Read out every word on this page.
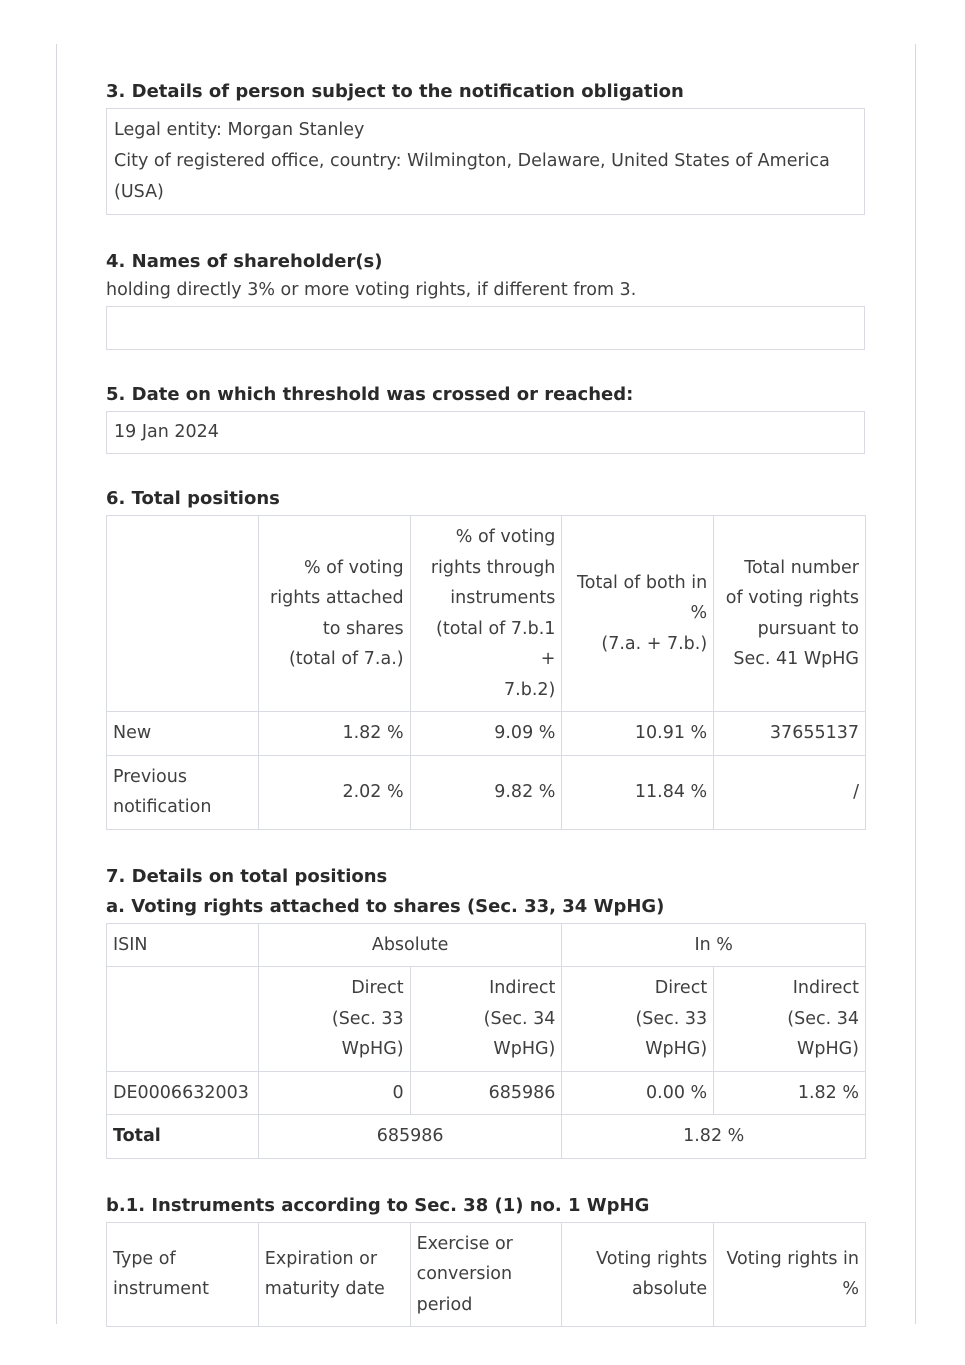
3. Details of person subject to the notification obligation
Legal entity: Morgan Stanley
City of registered office, country: Wilmington, Delaware, United States of America
(USA)
4. Names of shareholder(s)

holding directly 3% or more voting rights, if different from 3.

5. Date on which threshold was crossed or reached:
19 Jan 2024
6. Total positions
	% of voting
rights attached
to shares
(total of 7.a.)	% of voting
rights through
instruments
(total of 7.b.1 +
7.b.2)	Total of both in
%
(7.a. + 7.b.)	Total number
of voting rights
pursuant to
Sec. 41 WpHG
New	1.82 %	9.09 %	10.91 %	37655137
Previous
notification	2.02 %	9.82 %	11.84 %	/
7. Details on total positions
a. Voting rights attached to shares (Sec. 33, 34 WpHG)
ISIN	Absolute		In %	
	Direct
(Sec. 33 WpHG)	Indirect
(Sec. 34 WpHG)	Direct
(Sec. 33 WpHG)	Indirect
(Sec. 34 WpHG)
DE0006632003	0	685986	0.00 %	1.82 %
Total	685986		1.82 %	
b.1. Instruments according to Sec. 38 (1) no. 1 WpHG
Type of
instrument	Expiration or
maturity date	Exercise or
conversion
period	Voting rights
absolute	Voting rights in
%
